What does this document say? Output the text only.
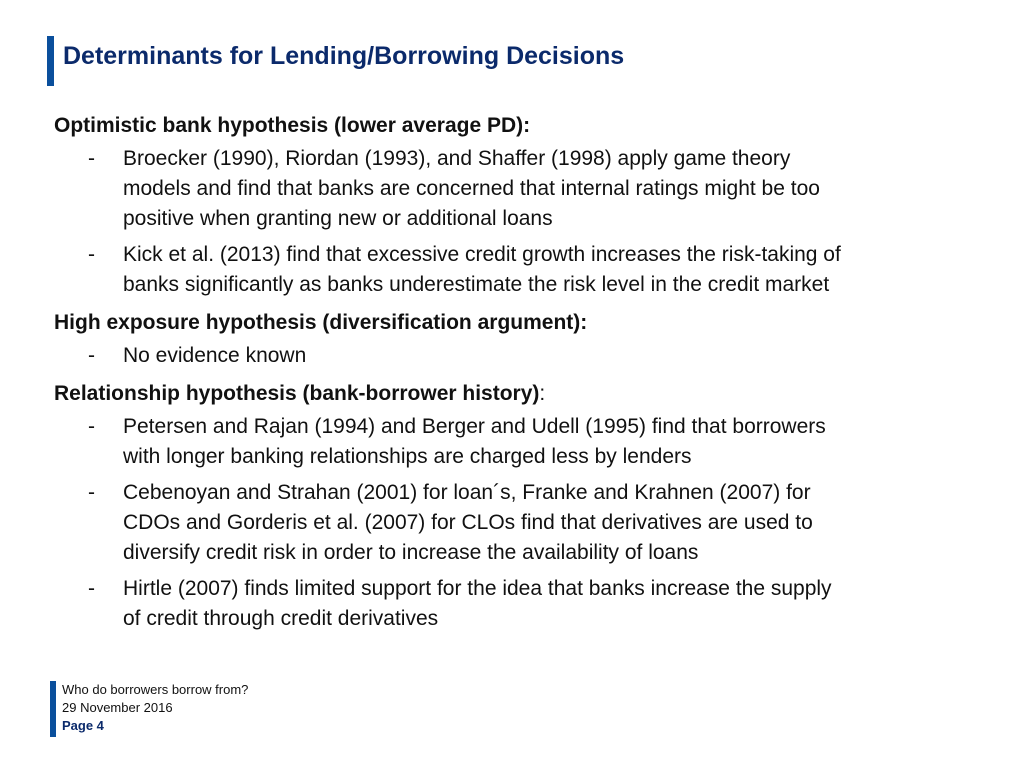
Determinants for Lending/Borrowing Decisions
Optimistic bank hypothesis (lower average PD):
- Broecker (1990), Riordan (1993), and Shaffer (1998) apply game theory
models and find that banks are concerned that internal ratings might be too
positive when granting new or additional loans
- Kick et al. (2013) find that excessive credit growth increases the risk-taking of
banks significantly as banks underestimate the risk level in the credit market
High exposure hypothesis (diversification argument):
- No evidence known
Relationship hypothesis (bank-borrower history):
- Petersen and Rajan (1994) and Berger and Udell (1995) find that borrowers
with longer banking relationships are charged less by lenders
- Cebenoyan and Strahan (2001) for loan´s, Franke and Krahnen (2007) for
CDOs and Gorderis et al. (2007) for CLOs find that derivatives are used to
diversify credit risk in order to increase the availability of loans
- Hirtle (2007) finds limited support for the idea that banks increase the supply
of credit through credit derivatives
Who do borrowers borrow from?
29 November 2016
Page 4
